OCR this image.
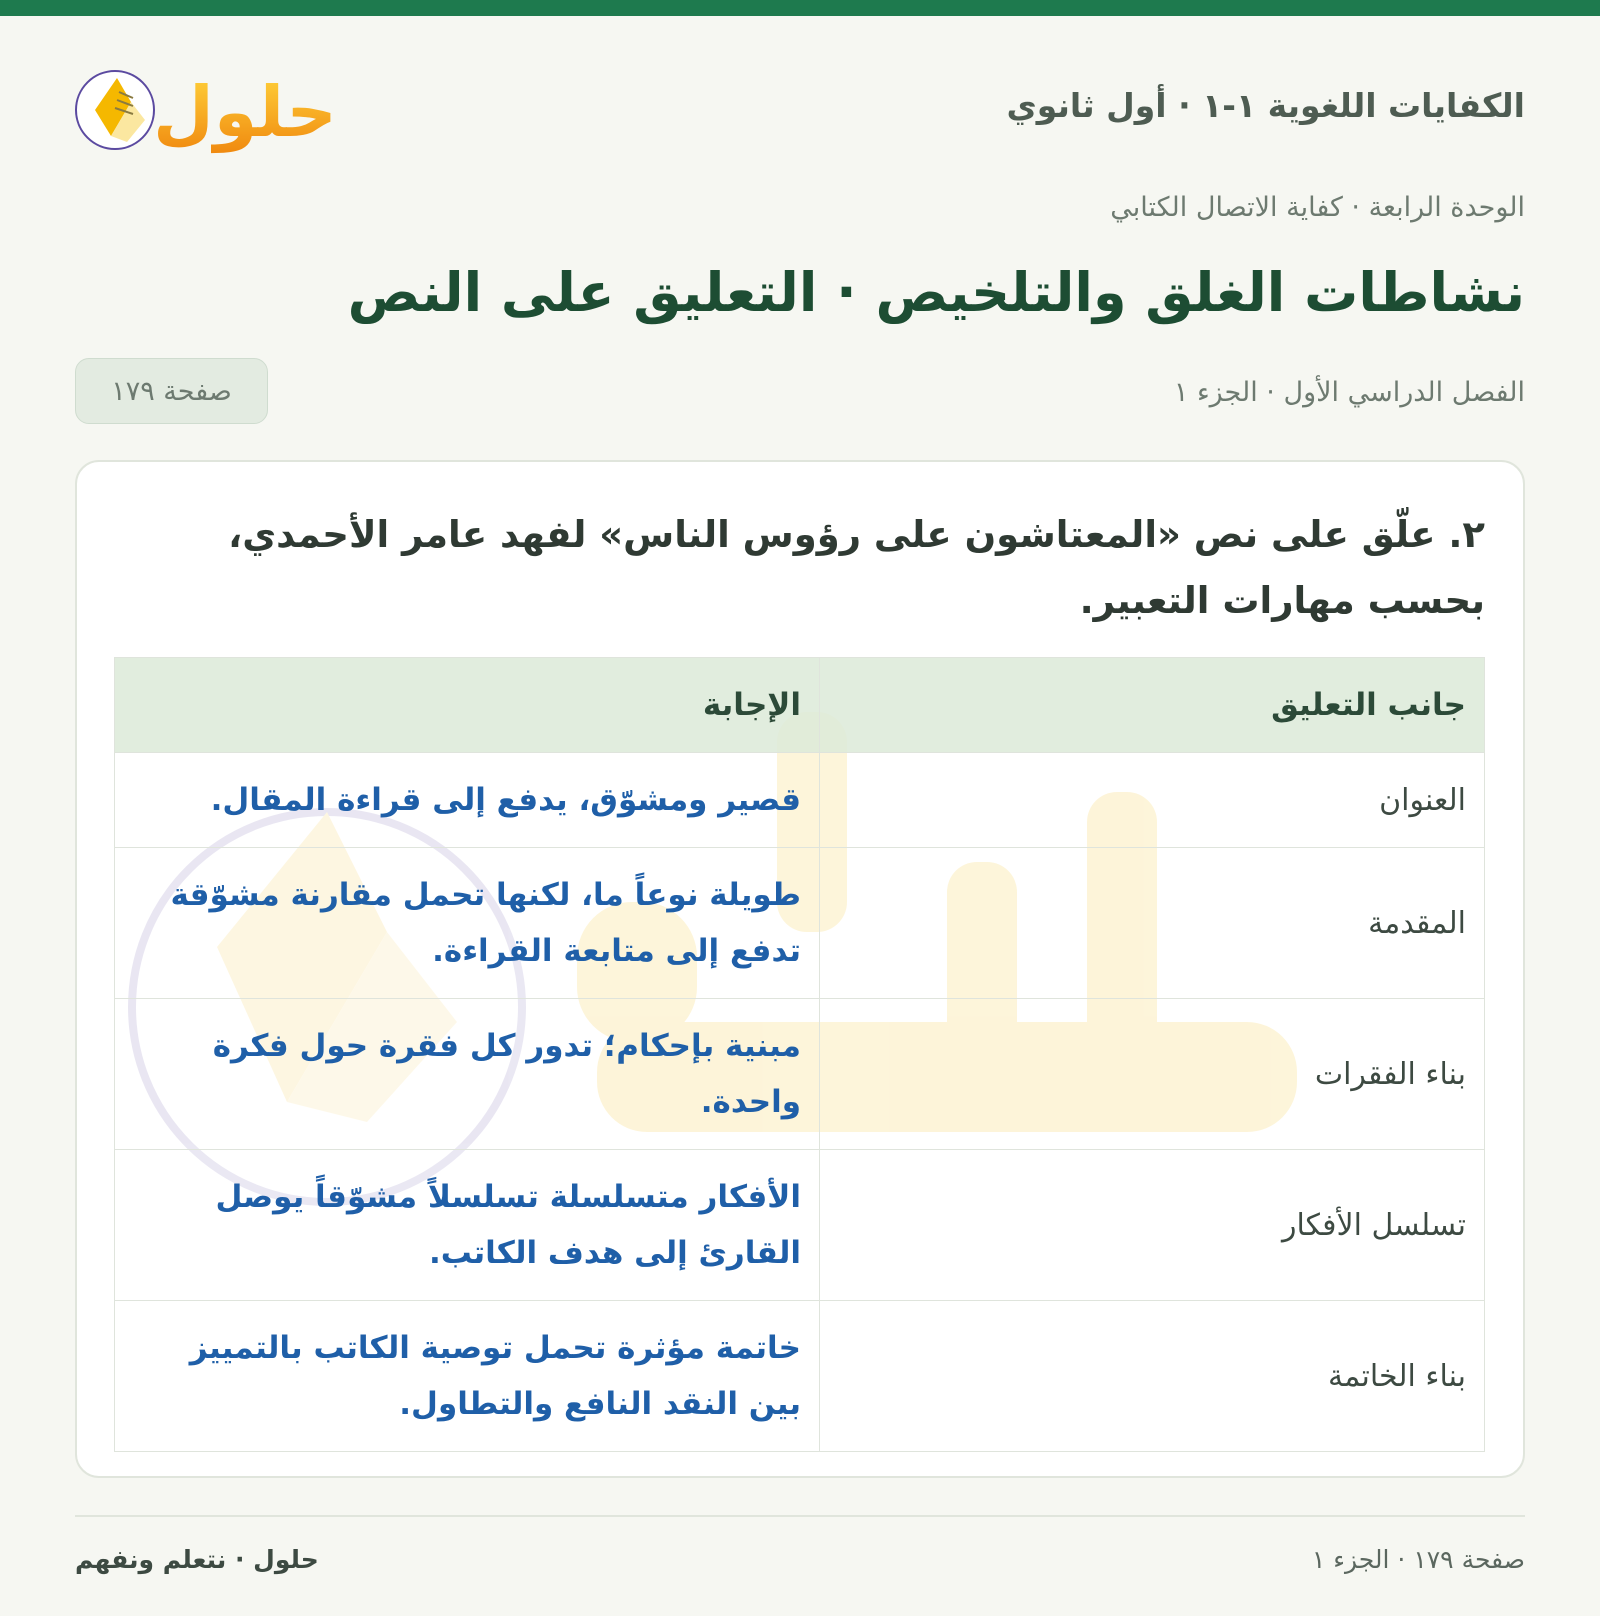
الكفايات اللغوية ١-١ · أول ثانوي
حلول
الوحدة الرابعة · كفاية الاتصال الكتابي
نشاطات الغلق والتلخيص · التعليق على النص
الفصل الدراسي الأول · الجزء ١
صفحة ١٧٩

٢. علّق على نص «المعتاشون على رؤوس الناس» لفهد عامر الأحمدي، بحسب مهارات التعبير.

جانب التعليق	الإجابة
العنوان	قصير ومشوّق، يدفع إلى قراءة المقال.
المقدمة	طويلة نوعاً ما، لكنها تحمل مقارنة مشوّقة تدفع إلى متابعة القراءة.
بناء الفقرات	مبنية بإحكام؛ تدور كل فقرة حول فكرة واحدة.
تسلسل الأفكار	الأفكار متسلسلة تسلسلاً مشوّقاً يوصل القارئ إلى هدف الكاتب.
بناء الخاتمة	خاتمة مؤثرة تحمل توصية الكاتب بالتمييز بين النقد النافع والتطاول.
صفحة ١٧٩ · الجزء ١
حلول · نتعلم ونفهم
